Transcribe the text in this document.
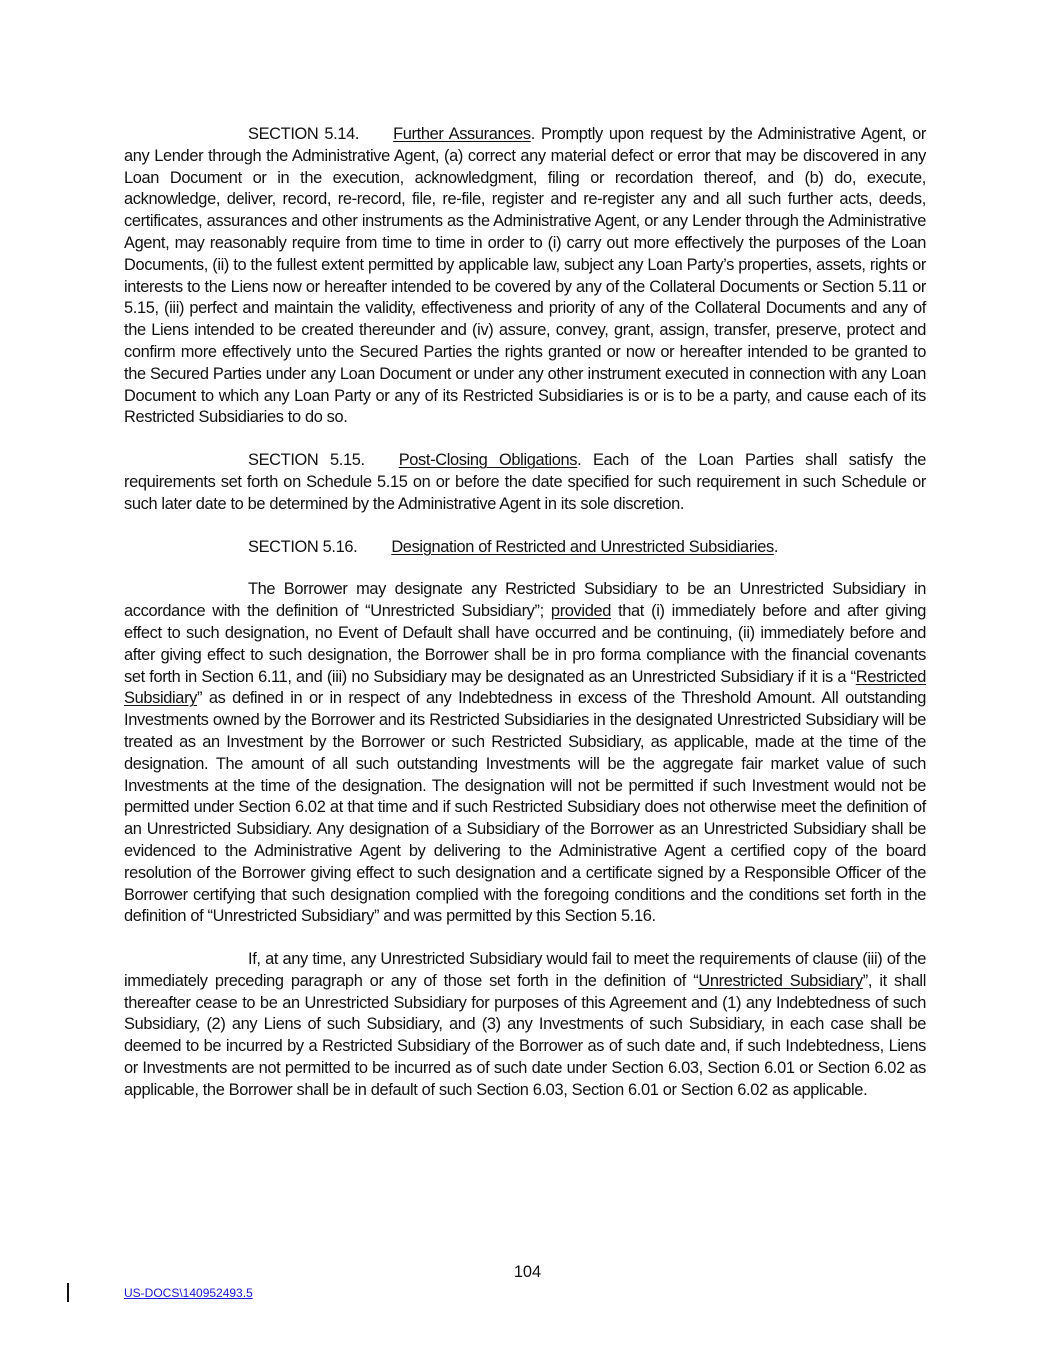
SECTION 5.14. Further Assurances. Promptly upon request by the Administrative Agent, or any Lender through the Administrative Agent, (a) correct any material defect or error that may be discovered in any Loan Document or in the execution, acknowledgment, filing or recordation thereof, and (b) do, execute, acknowledge, deliver, record, re-record, file, re-file, register and re-register any and all such further acts, deeds, certificates, assurances and other instruments as the Administrative Agent, or any Lender through the Administrative Agent, may reasonably require from time to time in order to (i) carry out more effectively the purposes of the Loan Documents, (ii) to the fullest extent permitted by applicable law, subject any Loan Party’s properties, assets, rights or interests to the Liens now or hereafter intended to be covered by any of the Collateral Documents or Section 5.11 or 5.15, (iii) perfect and maintain the validity, effectiveness and priority of any of the Collateral Documents and any of the Liens intended to be created thereunder and (iv) assure, convey, grant, assign, transfer, preserve, protect and confirm more effectively unto the Secured Parties the rights granted or now or hereafter intended to be granted to the Secured Parties under any Loan Document or under any other instrument executed in connection with any Loan Document to which any Loan Party or any of its Restricted Subsidiaries is or is to be a party, and cause each of its Restricted Subsidiaries to do so.

SECTION 5.15. Post-Closing Obligations. Each of the Loan Parties shall satisfy the requirements set forth on Schedule 5.15 on or before the date specified for such requirement in such Schedule or such later date to be determined by the Administrative Agent in its sole discretion.

SECTION 5.16. Designation of Restricted and Unrestricted Subsidiaries.

The Borrower may designate any Restricted Subsidiary to be an Unrestricted Subsidiary in accordance with the definition of “Unrestricted Subsidiary”; provided that (i) immediately before and after giving effect to such designation, no Event of Default shall have occurred and be continuing, (ii) immediately before and after giving effect to such designation, the Borrower shall be in pro forma compliance with the financial covenants set forth in Section 6.11, and (iii) no Subsidiary may be designated as an Unrestricted Subsidiary if it is a “Restricted Subsidiary” as defined in or in respect of any Indebtedness in excess of the Threshold Amount. All outstanding Investments owned by the Borrower and its Restricted Subsidiaries in the designated Unrestricted Subsidiary will be treated as an Investment by the Borrower or such Restricted Subsidiary, as applicable, made at the time of the designation. The amount of all such outstanding Investments will be the aggregate fair market value of such Investments at the time of the designation. The designation will not be permitted if such Investment would not be permitted under Section 6.02 at that time and if such Restricted Subsidiary does not otherwise meet the definition of an Unrestricted Subsidiary. Any designation of a Subsidiary of the Borrower as an Unrestricted Subsidiary shall be evidenced to the Administrative Agent by delivering to the Administrative Agent a certified copy of the board resolution of the Borrower giving effect to such designation and a certificate signed by a Responsible Officer of the Borrower certifying that such designation complied with the foregoing conditions and the conditions set forth in the definition of “Unrestricted Subsidiary” and was permitted by this Section 5.16.

If, at any time, any Unrestricted Subsidiary would fail to meet the requirements of clause (iii) of the immediately preceding paragraph or any of those set forth in the definition of “Unrestricted Subsidiary”, it shall thereafter cease to be an Unrestricted Subsidiary for purposes of this Agreement and (1) any Indebtedness of such Subsidiary, (2) any Liens of such Subsidiary, and (3) any Investments of such Subsidiary, in each case shall be deemed to be incurred by a Restricted Subsidiary of the Borrower as of such date and, if such Indebtedness, Liens or Investments are not permitted to be incurred as of such date under Section 6.03, Section 6.01 or Section 6.02 as applicable, the Borrower shall be in default of such Section 6.03, Section 6.01 or Section 6.02 as applicable.

104
US-DOCS\140952493.5
